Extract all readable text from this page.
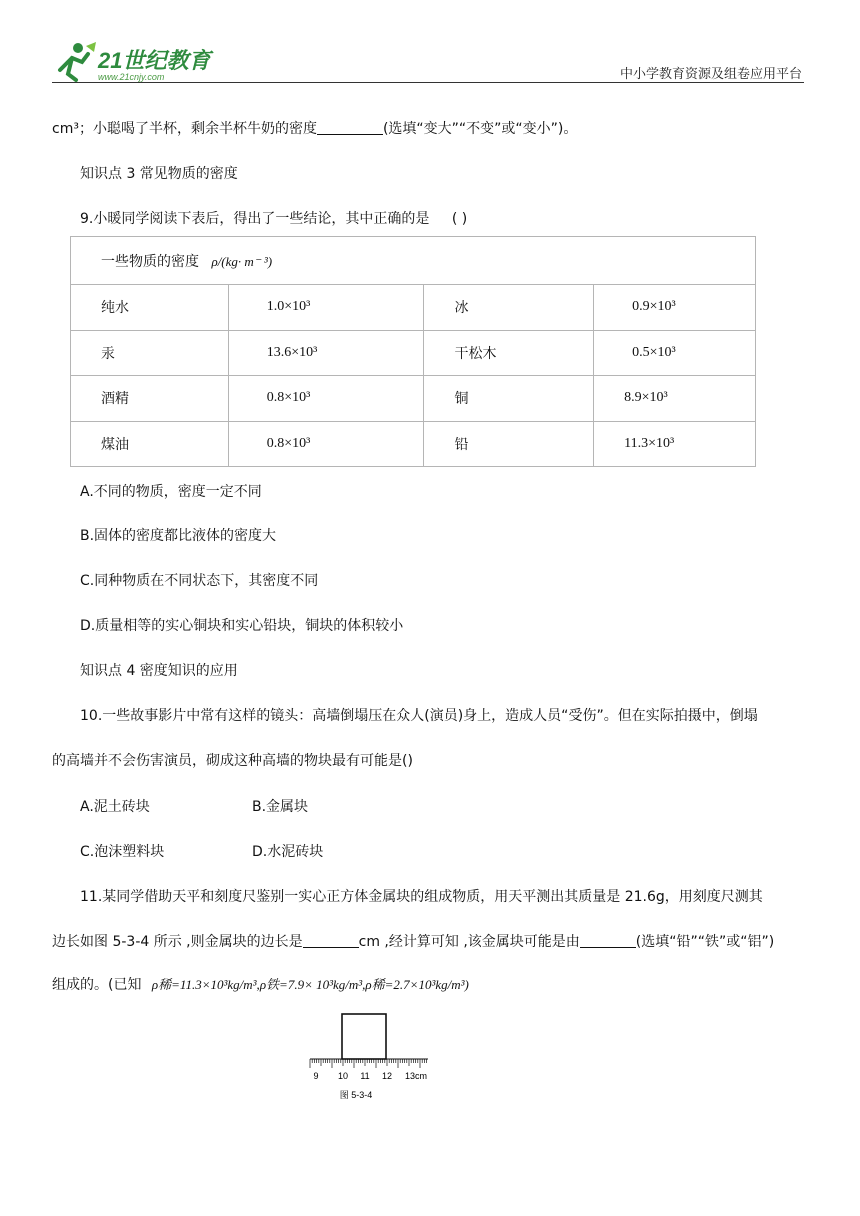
21世纪教育
www.21cnjy.com	中小学教育资源及组卷应用平台
cm³；小聪喝了半杯，剩余半杯牛奶的密度	(选填“变大”“不变”或“变小”)。
知识点 3 常见物质的密度
9.小暖同学阅读下表后，得出了一些结论，其中正确的是 ( )
一些物质的密度 ρ/(kg· m⁻ ³)			
纯水	1.0×10³	冰	0.9×10³
汞	13.6×10³	干松木	0.5×10³
酒精	0.8×10³	铜	8.9×10³
煤油	0.8×10³	铅	11.3×10³
A.不同的物质，密度一定不同
B.固体的密度都比液体的密度大
C.同种物质在不同状态下，其密度不同
D.质量相等的实心铜块和实心铅块，铜块的体积较小
知识点 4 密度知识的应用
10.一些故事影片中常有这样的镜头：高墙倒塌压在众人(演员)身上，造成人员“受伤”。但在实际拍摄中，倒塌
的高墙并不会伤害演员，砌成这种高墙的物块最有可能是()
A.泥土砖块	B.金属块
C.泡沫塑料块	D.水泥砖块
11.某同学借助天平和刻度尺鉴别一实心正方体金属块的组成物质，用天平测出其质量是 21.6g，用刻度尺测其
边长如图 5-3-4 所示 ,则金属块的边长是	cm ,经计算可知 ,该金属块可能是由	(选填“铅”“铁”或“铝”)
组成的。(已知 ρ稀=11.3×10³kg/m³,ρ铁=7.9× 10³kg/m³,ρ稀=2.7×10³kg/m³)
9 10 11 12 13cm
图 5-3-4
